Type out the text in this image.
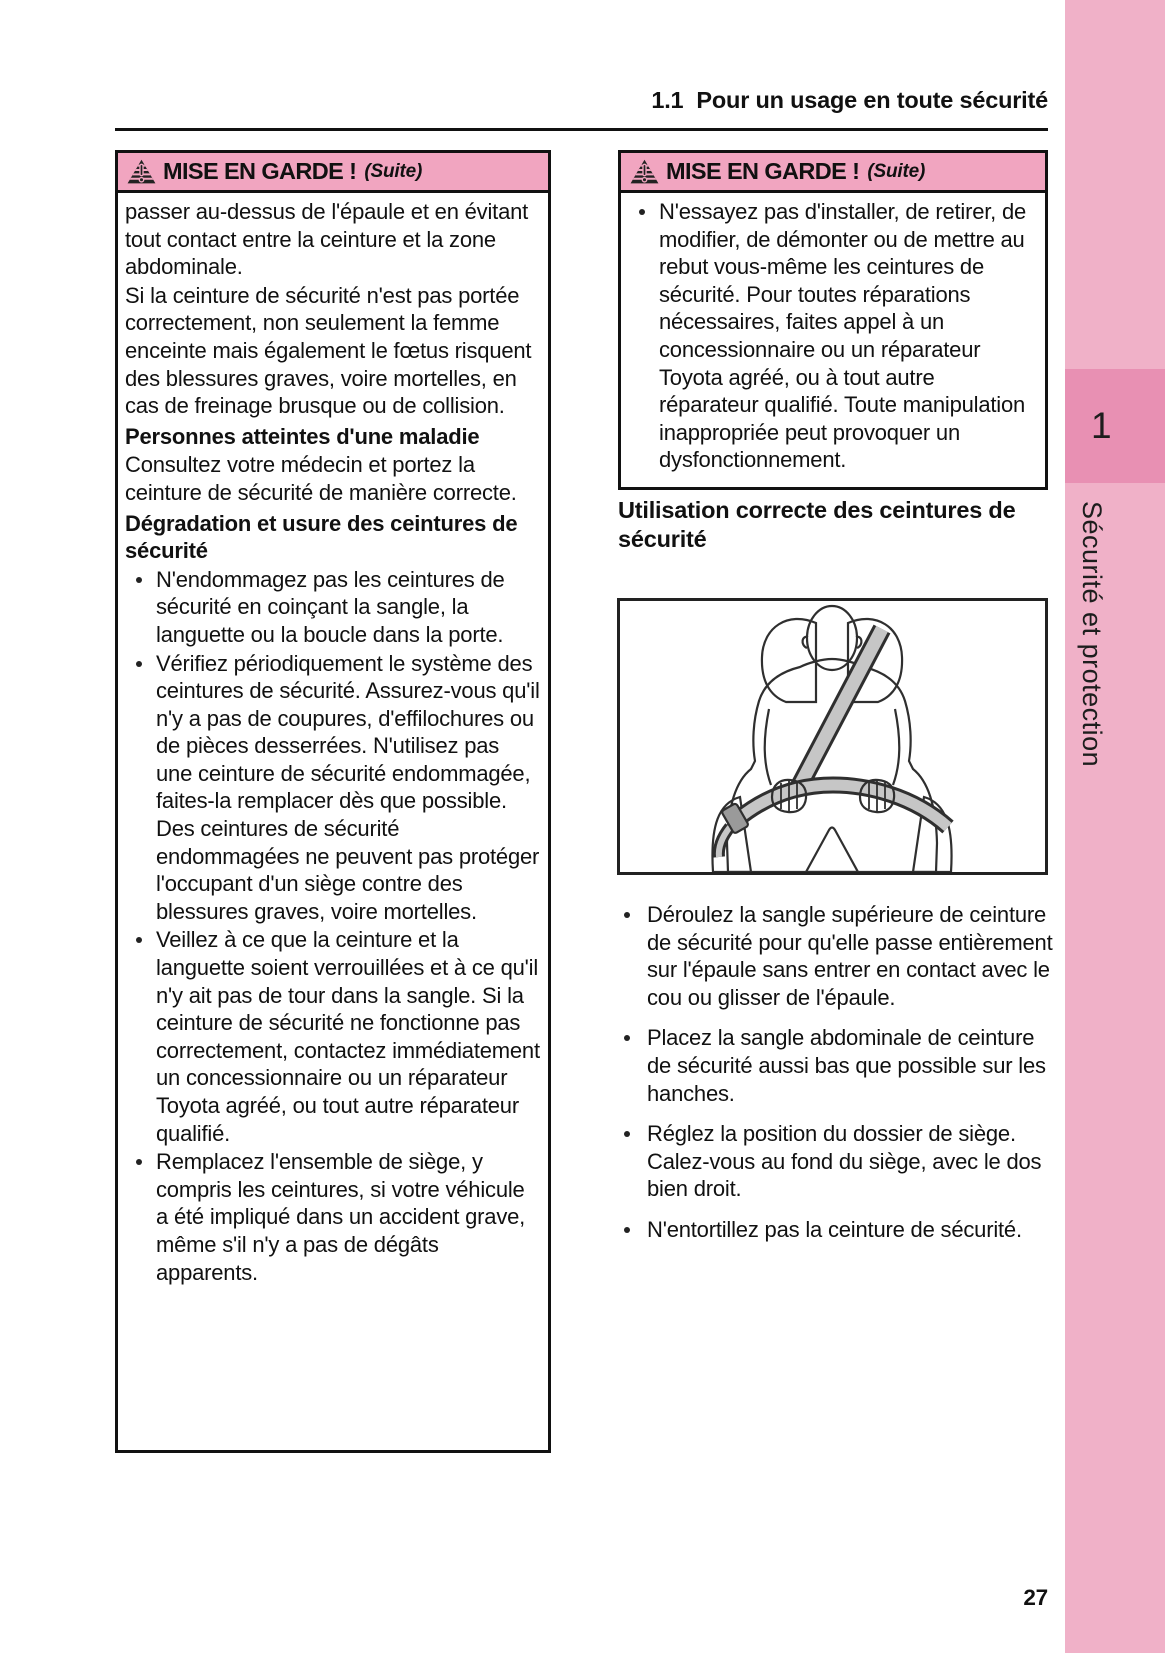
1
Sécurité et protection
1.1 Pour un usage en toute sécurité
MISE EN GARDE ! (Suite)
passer au-dessus de l'épaule et en évitant tout contact entre la ceinture et la zone abdominale.
Si la ceinture de sécurité n'est pas portée correctement, non seulement la femme enceinte mais également le fœtus risquent des blessures graves, voire mortelles, en cas de freinage brusque ou de collision.
Personnes atteintes d'une maladie
Consultez votre médecin et portez la ceinture de sécurité de manière correcte.
Dégradation et usure des ceintures de sécurité
N'endommagez pas les ceintures de sécurité en coinçant la sangle, la languette ou la boucle dans la porte.
Vérifiez périodiquement le système des ceintures de sécurité. Assurez-vous qu'il n'y a pas de coupures, d'effilochures ou de pièces desserrées. N'utilisez pas une ceinture de sécurité endommagée, faites-la remplacer dès que possible. Des ceintures de sécurité endommagées ne peuvent pas protéger l'occupant d'un siège contre des blessures graves, voire mortelles.
Veillez à ce que la ceinture et la languette soient verrouillées et à ce qu'il n'y ait pas de tour dans la sangle. Si la ceinture de sécurité ne fonctionne pas correctement, contactez immédiatement un concessionnaire ou un réparateur Toyota agréé, ou tout autre réparateur qualifié.
Remplacez l'ensemble de siège, y compris les ceintures, si votre véhicule a été impliqué dans un accident grave, même s'il n'y a pas de dégâts apparents.
MISE EN GARDE ! (Suite)
N'essayez pas d'installer, de retirer, de modifier, de démonter ou de mettre au rebut vous-même les ceintures de sécurité. Pour toutes réparations nécessaires, faites appel à un concessionnaire ou un réparateur Toyota agréé, ou à tout autre réparateur qualifié. Toute manipulation inappropriée peut provoquer un dysfonctionnement.
Utilisation correcte des ceintures de sécurité
Déroulez la sangle supérieure de ceinture de sécurité pour qu'elle passe entièrement sur l'épaule sans entrer en contact avec le cou ou glisser de l'épaule.
Placez la sangle abdominale de ceinture de sécurité aussi bas que possible sur les hanches.
Réglez la position du dossier de siège. Calez-vous au fond du siège, avec le dos bien droit.
N'entortillez pas la ceinture de sécurité.
27
